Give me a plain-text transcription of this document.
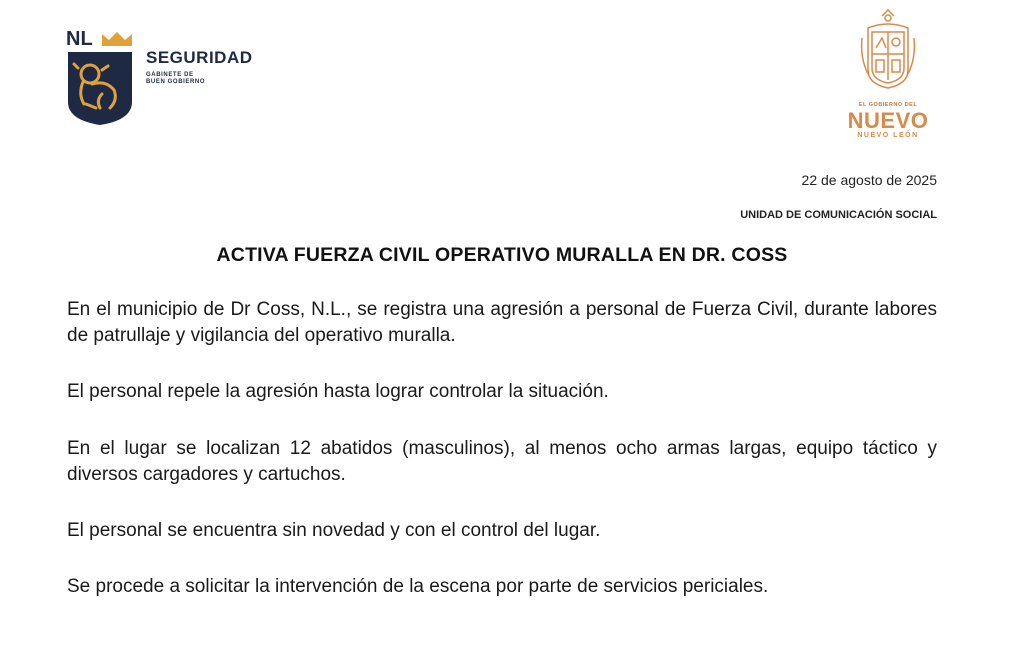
NL
SEGURIDAD
GABINETE DE
BUEN GOBIERNO
EL GOBIERNO DEL
NUEVO
NUEVO LEÓN
22 de agosto de 2025
UNIDAD DE COMUNICACIÓN SOCIAL
ACTIVA FUERZA CIVIL OPERATIVO MURALLA EN DR. COSS
En el municipio de Dr Coss, N.L., se registra una agresión a personal de Fuerza Civil, durante labores de patrullaje y vigilancia del operativo muralla.
El personal repele la agresión hasta lograr controlar la situación.
En el lugar se localizan 12 abatidos (masculinos), al menos ocho armas largas, equipo táctico y diversos cargadores y cartuchos.
El personal se encuentra sin novedad y con el control del lugar.
Se procede a solicitar la intervención de la escena por parte de servicios periciales.
